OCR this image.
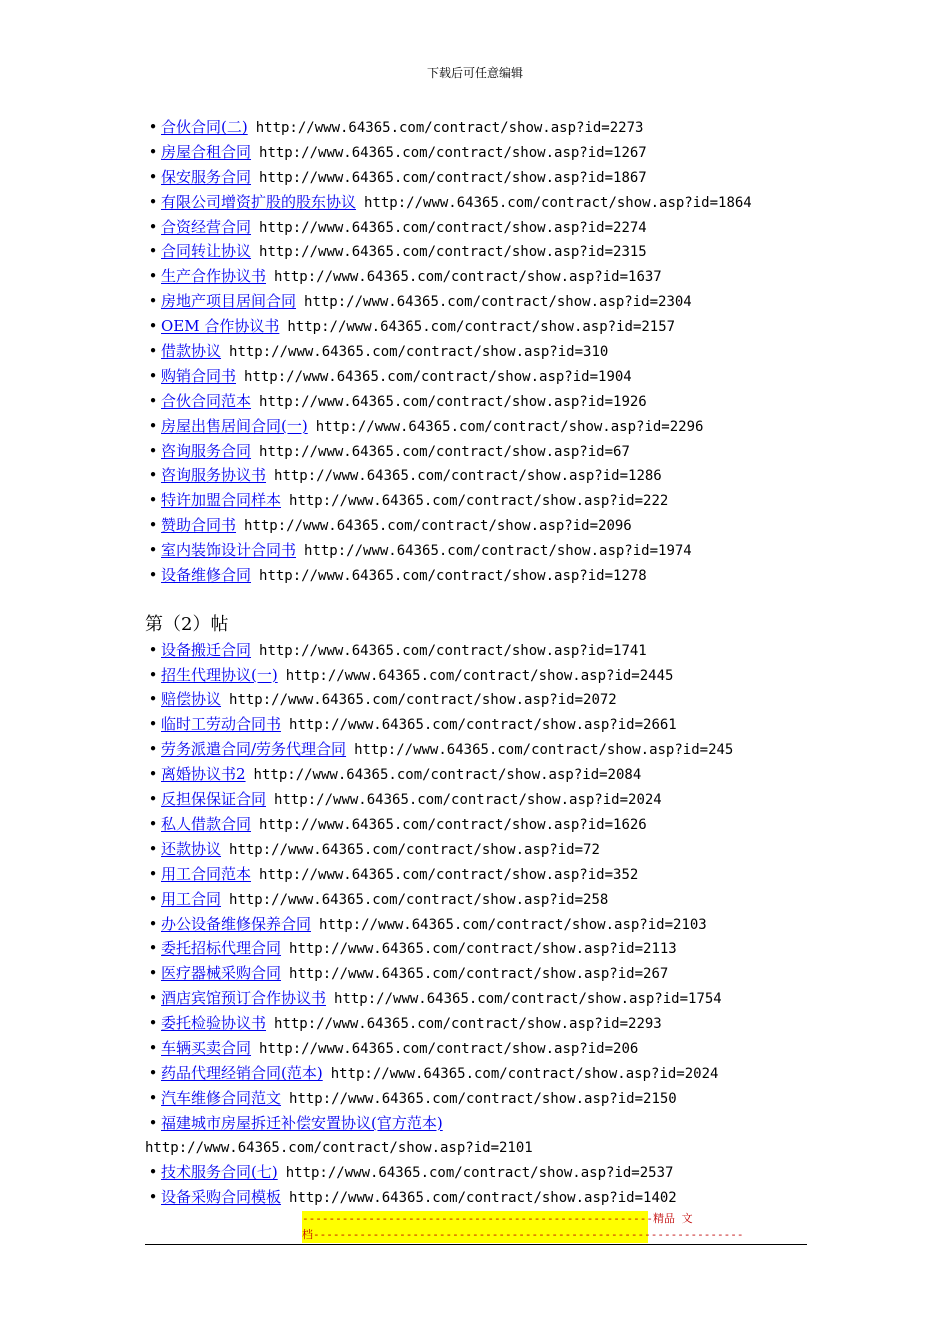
下载后可任意编辑
• 合伙合同(二) http://www.64365.com/contract/show.asp?id=2273
• 房屋合租合同 http://www.64365.com/contract/show.asp?id=1267
• 保安服务合同 http://www.64365.com/contract/show.asp?id=1867
• 有限公司增资扩股的股东协议 http://www.64365.com/contract/show.asp?id=1864
• 合资经营合同 http://www.64365.com/contract/show.asp?id=2274
• 合同转让协议 http://www.64365.com/contract/show.asp?id=2315
• 生产合作协议书 http://www.64365.com/contract/show.asp?id=1637
• 房地产项目居间合同 http://www.64365.com/contract/show.asp?id=2304
• OEM 合作协议书 http://www.64365.com/contract/show.asp?id=2157
• 借款协议 http://www.64365.com/contract/show.asp?id=310
• 购销合同书 http://www.64365.com/contract/show.asp?id=1904
• 合伙合同范本 http://www.64365.com/contract/show.asp?id=1926
• 房屋出售居间合同(一) http://www.64365.com/contract/show.asp?id=2296
• 咨询服务合同 http://www.64365.com/contract/show.asp?id=67
• 咨询服务协议书 http://www.64365.com/contract/show.asp?id=1286
• 特许加盟合同样本 http://www.64365.com/contract/show.asp?id=222
• 赞助合同书 http://www.64365.com/contract/show.asp?id=2096
• 室内装饰设计合同书 http://www.64365.com/contract/show.asp?id=1974
• 设备维修合同 http://www.64365.com/contract/show.asp?id=1278
第（2）帖
• 设备搬迁合同 http://www.64365.com/contract/show.asp?id=1741
• 招生代理协议(一) http://www.64365.com/contract/show.asp?id=2445
• 赔偿协议 http://www.64365.com/contract/show.asp?id=2072
• 临时工劳动合同书 http://www.64365.com/contract/show.asp?id=2661
• 劳务派遣合同/劳务代理合同 http://www.64365.com/contract/show.asp?id=245
• 离婚协议书2 http://www.64365.com/contract/show.asp?id=2084
• 反担保保证合同 http://www.64365.com/contract/show.asp?id=2024
• 私人借款合同 http://www.64365.com/contract/show.asp?id=1626
• 还款协议 http://www.64365.com/contract/show.asp?id=72
• 用工合同范本 http://www.64365.com/contract/show.asp?id=352
• 用工合同 http://www.64365.com/contract/show.asp?id=258
• 办公设备维修保养合同 http://www.64365.com/contract/show.asp?id=2103
• 委托招标代理合同 http://www.64365.com/contract/show.asp?id=2113
• 医疗器械采购合同 http://www.64365.com/contract/show.asp?id=267
• 酒店宾馆预订合作协议书 http://www.64365.com/contract/show.asp?id=1754
• 委托检验协议书 http://www.64365.com/contract/show.asp?id=2293
• 车辆买卖合同 http://www.64365.com/contract/show.asp?id=206
• 药品代理经销合同(范本) http://www.64365.com/contract/show.asp?id=2024
• 汽车维修合同范文 http://www.64365.com/contract/show.asp?id=2150
• 福建城市房屋拆迁补偿安置协议(官方范本)
http://www.64365.com/contract/show.asp?id=2101
• 技术服务合同(七) http://www.64365.com/contract/show.asp?id=2537
• 设备采购合同模板 http://www.64365.com/contract/show.asp?id=1402
-----------------------------------------------------精品 文
档-----------------------------------------------------------------
